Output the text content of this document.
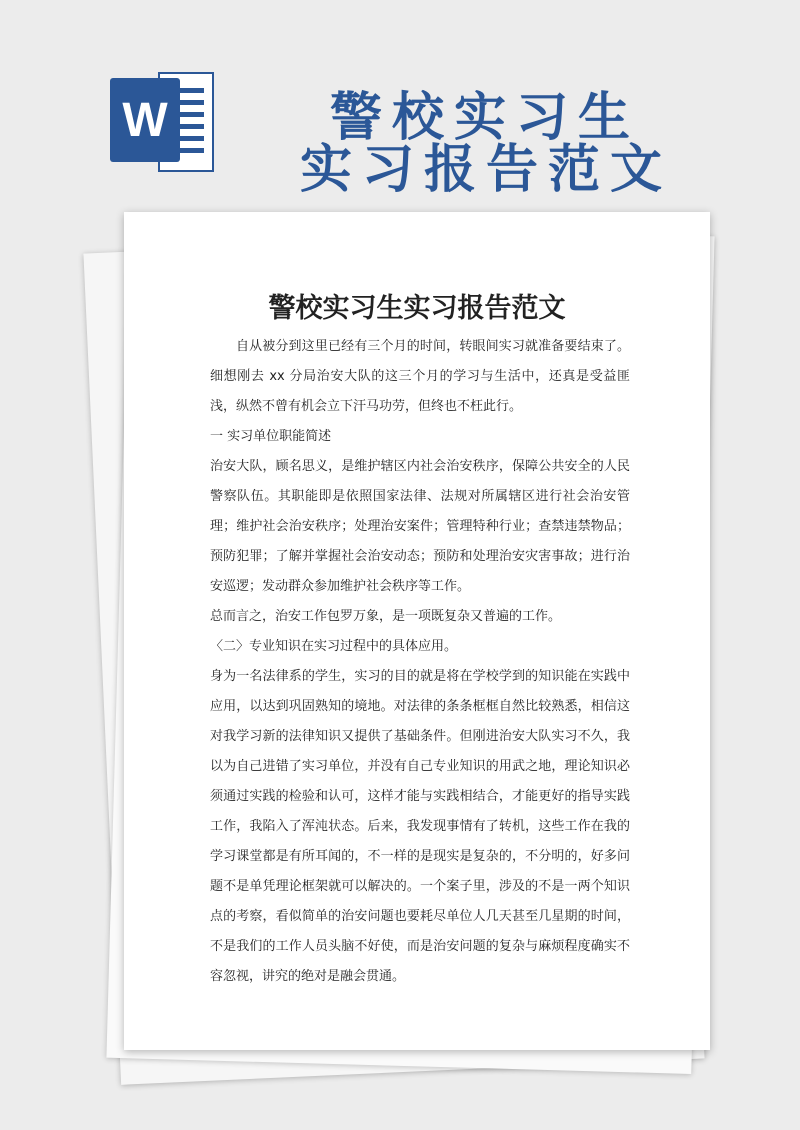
W	警校实习生
实习报告范文
警校实习生实习报告范文

自从被分到这里已经有三个月的时间，转眼间实习就准备要结束了。细想刚去 xx 分局治安大队的这三个月的学习与生活中，还真是受益匪浅，纵然不曾有机会立下汗马功劳，但终也不枉此行。

一 实习单位职能简述

治安大队，顾名思义，是维护辖区内社会治安秩序，保障公共安全的人民警察队伍。其职能即是依照国家法律、法规对所属辖区进行社会治安管理；维护社会治安秩序；处理治安案件；管理特种行业；查禁违禁物品；预防犯罪；了解并掌握社会治安动态；预防和处理治安灾害事故；进行治安巡逻；发动群众参加维护社会秩序等工作。

总而言之，治安工作包罗万象，是一项既复杂又普遍的工作。

〈二〉专业知识在实习过程中的具体应用。

身为一名法律系的学生，实习的目的就是将在学校学到的知识能在实践中应用，以达到巩固熟知的境地。对法律的条条框框自然比较熟悉，相信这对我学习新的法律知识又提供了基础条件。但刚进治安大队实习不久，我以为自己进错了实习单位，并没有自己专业知识的用武之地，理论知识必须通过实践的检验和认可，这样才能与实践相结合，才能更好的指导实践工作，我陷入了浑沌状态。后来，我发现事情有了转机，这些工作在我的学习课堂都是有所耳闻的，不一样的是现实是复杂的，不分明的，好多问题不是单凭理论框架就可以解决的。一个案子里，涉及的不是一两个知识点的考察，看似简单的治安问题也要耗尽单位人几天甚至几星期的时间，不是我们的工作人员头脑不好使，而是治安问题的复杂与麻烦程度确实不容忽视，讲究的绝对是融会贯通。
